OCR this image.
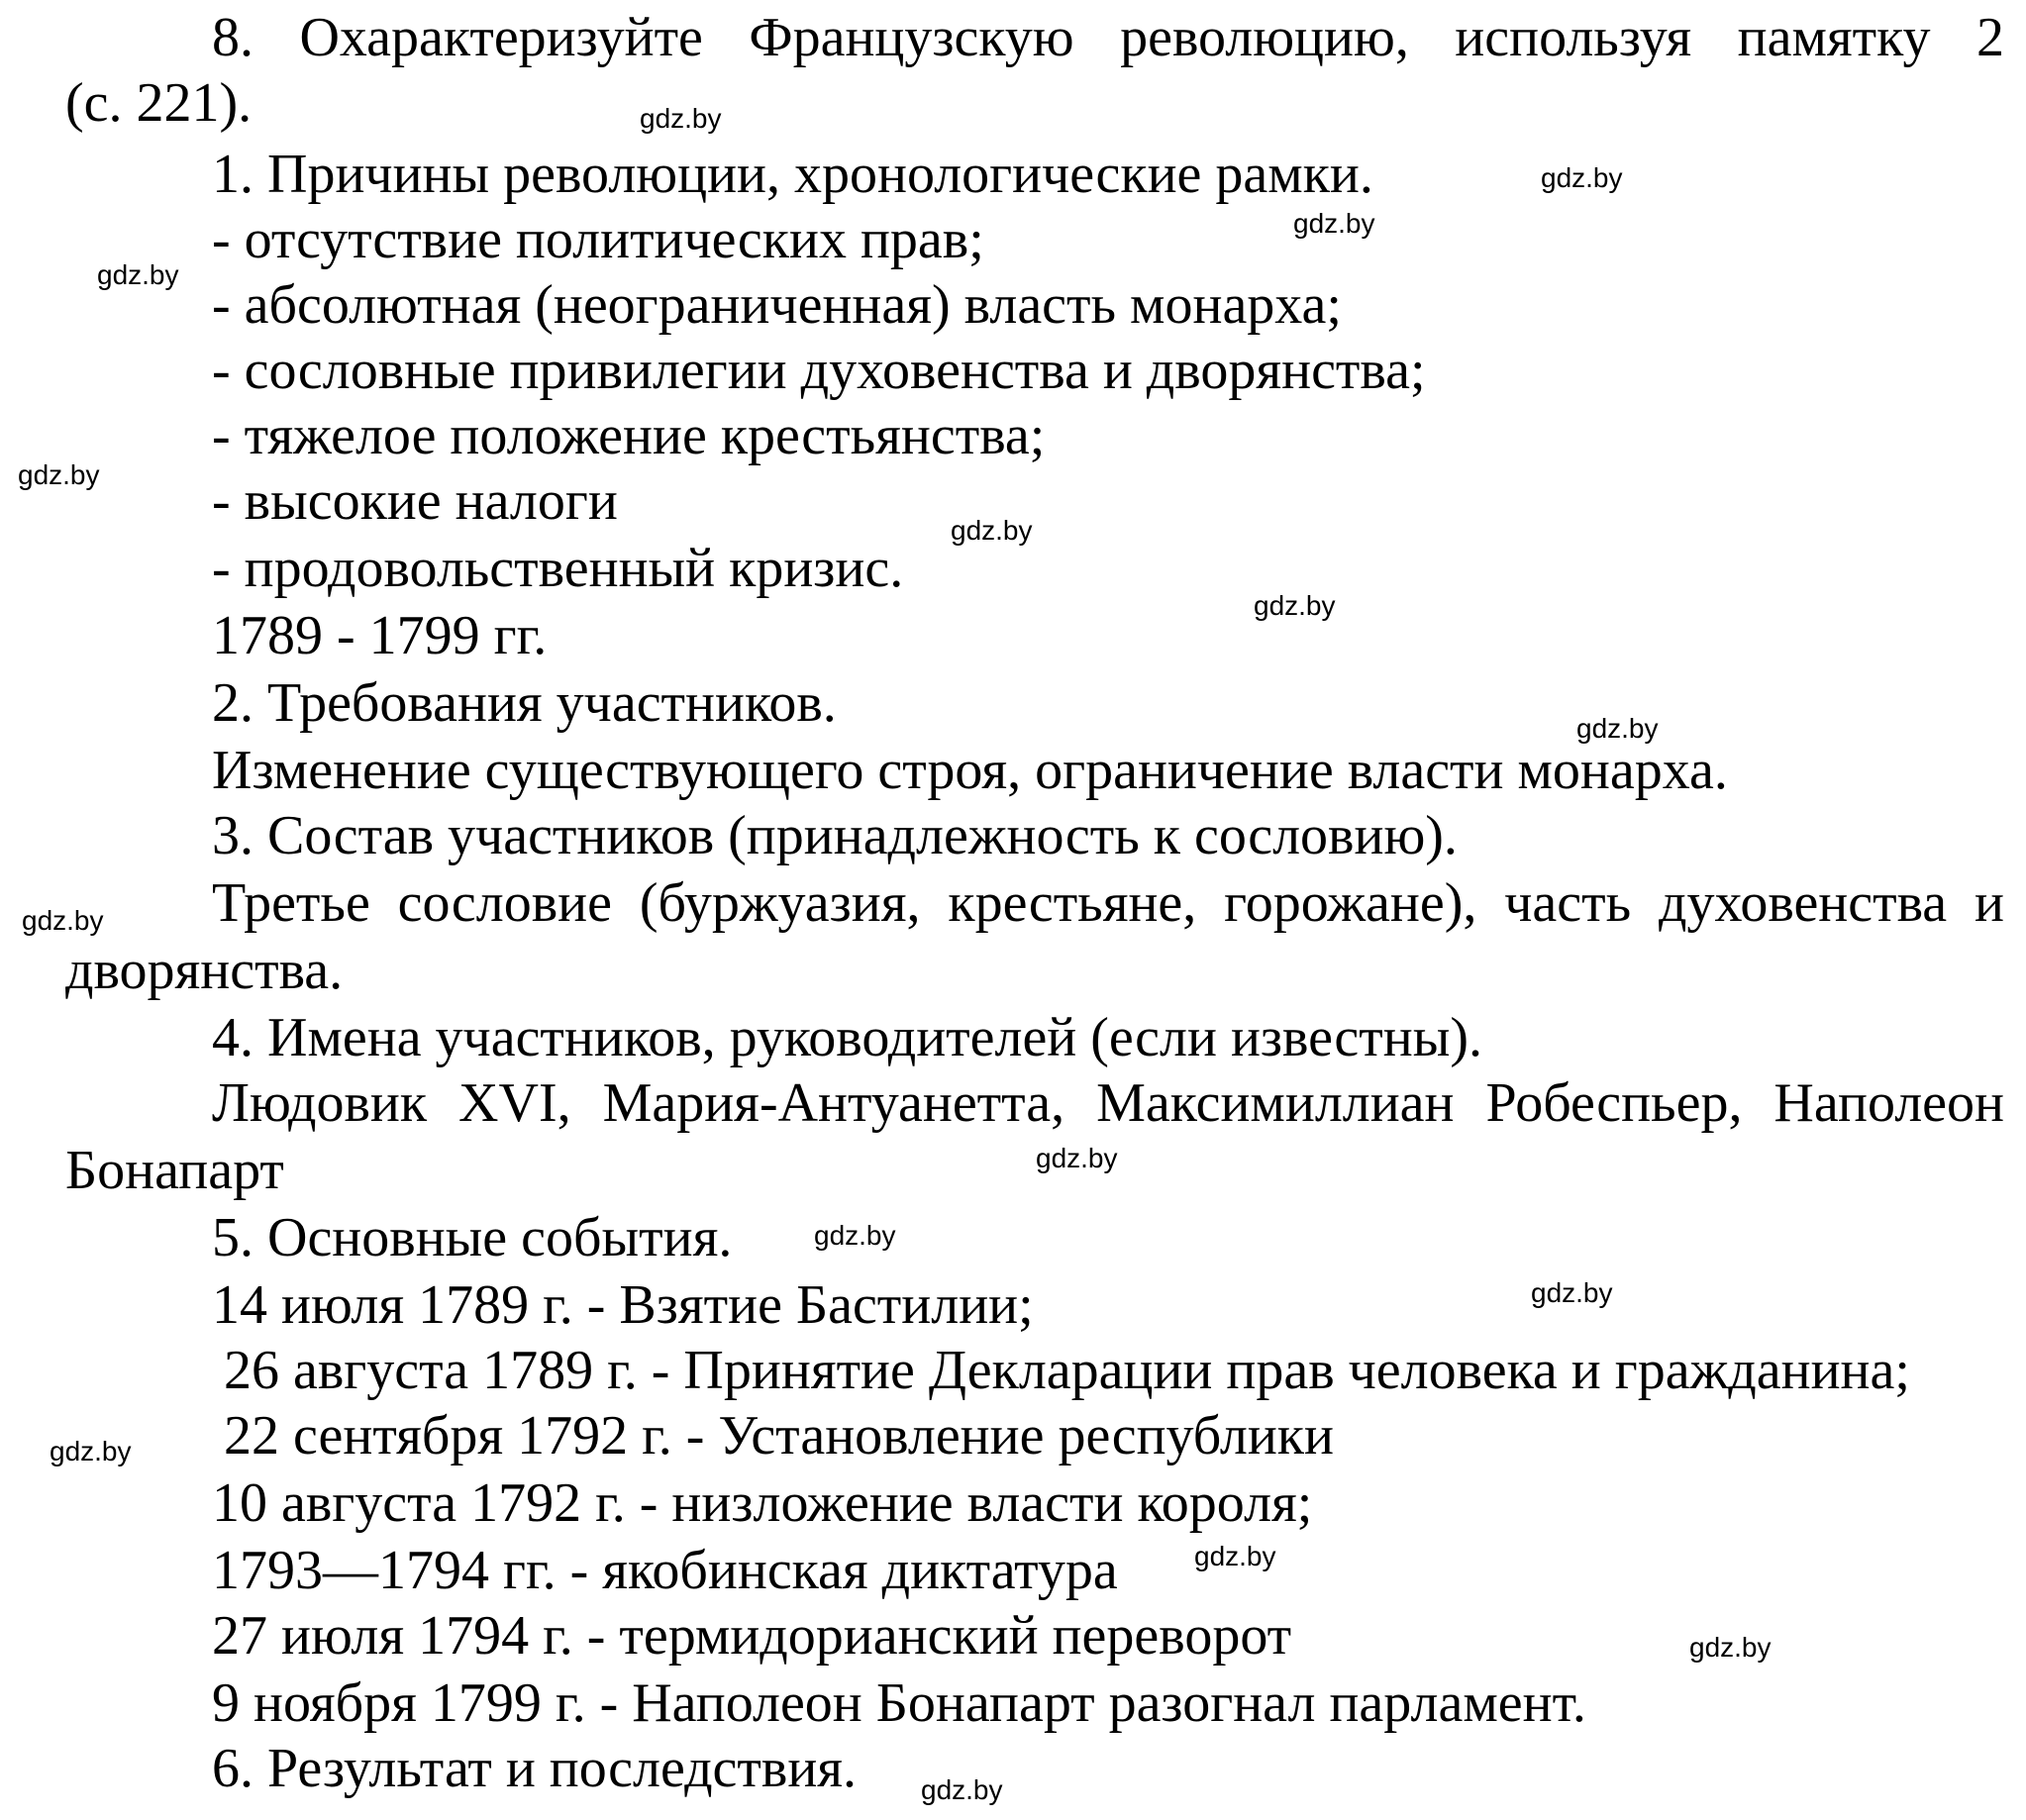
8. Охарактеризуйте Французскую революцию, используя памятку 2

(с. 221).

1. Причины революции, хронологические рамки.

- отсутствие политических прав;

- абсолютная (неограниченная) власть монарха;

- сословные привилегии духовенства и дворянства;

- тяжелое положение крестьянства;

- высокие налоги

- продовольственный кризис.

1789 - 1799 гг.

2. Требования участников.

Изменение существующего строя, ограничение власти монарха.

3. Состав участников (принадлежность к сословию).

Третье сословие (буржуазия, крестьяне, горожане), часть духовенства и

дворянства.

4. Имена участников, руководителей (если известны).

Людовик XVI, Мария-Антуанетта, Максимиллиан Робеспьер, Наполеон

Бонапарт

5. Основные события.

14 июля 1789 г. - Взятие Бастилии;

26 августа 1789 г. - Принятие Декларации прав человека и гражданина;

22 сентября 1792 г. - Установление республики

10 августа 1792 г. - низложение власти короля;

1793—1794 гг. - якобинская диктатура

27 июля 1794 г. - термидорианский переворот

9 ноября 1799 г. - Наполеон Бонапарт разогнал парламент.

6. Результат и последствия.

gdz.by
gdz.by
gdz.by
gdz.by
gdz.by
gdz.by
gdz.by
gdz.by
gdz.by
gdz.by
gdz.by
gdz.by
gdz.by
gdz.by
gdz.by
gdz.by
